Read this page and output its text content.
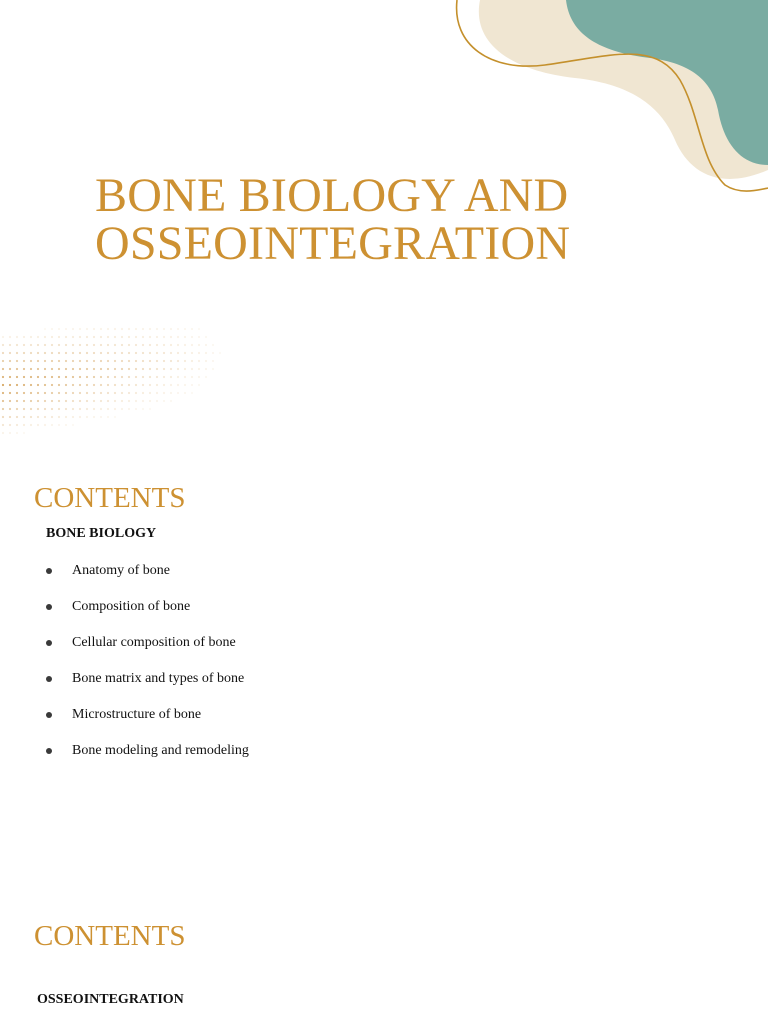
BONE BIOLOGY AND
OSSEOINTEGRATION
CONTENTS

BONE BIOLOGY

Anatomy of bone
Composition of bone
Cellular composition of bone
Bone matrix and types of bone
Microstructure of bone
Bone modeling and remodeling
CONTENTS

OSSEOINTEGRATION
